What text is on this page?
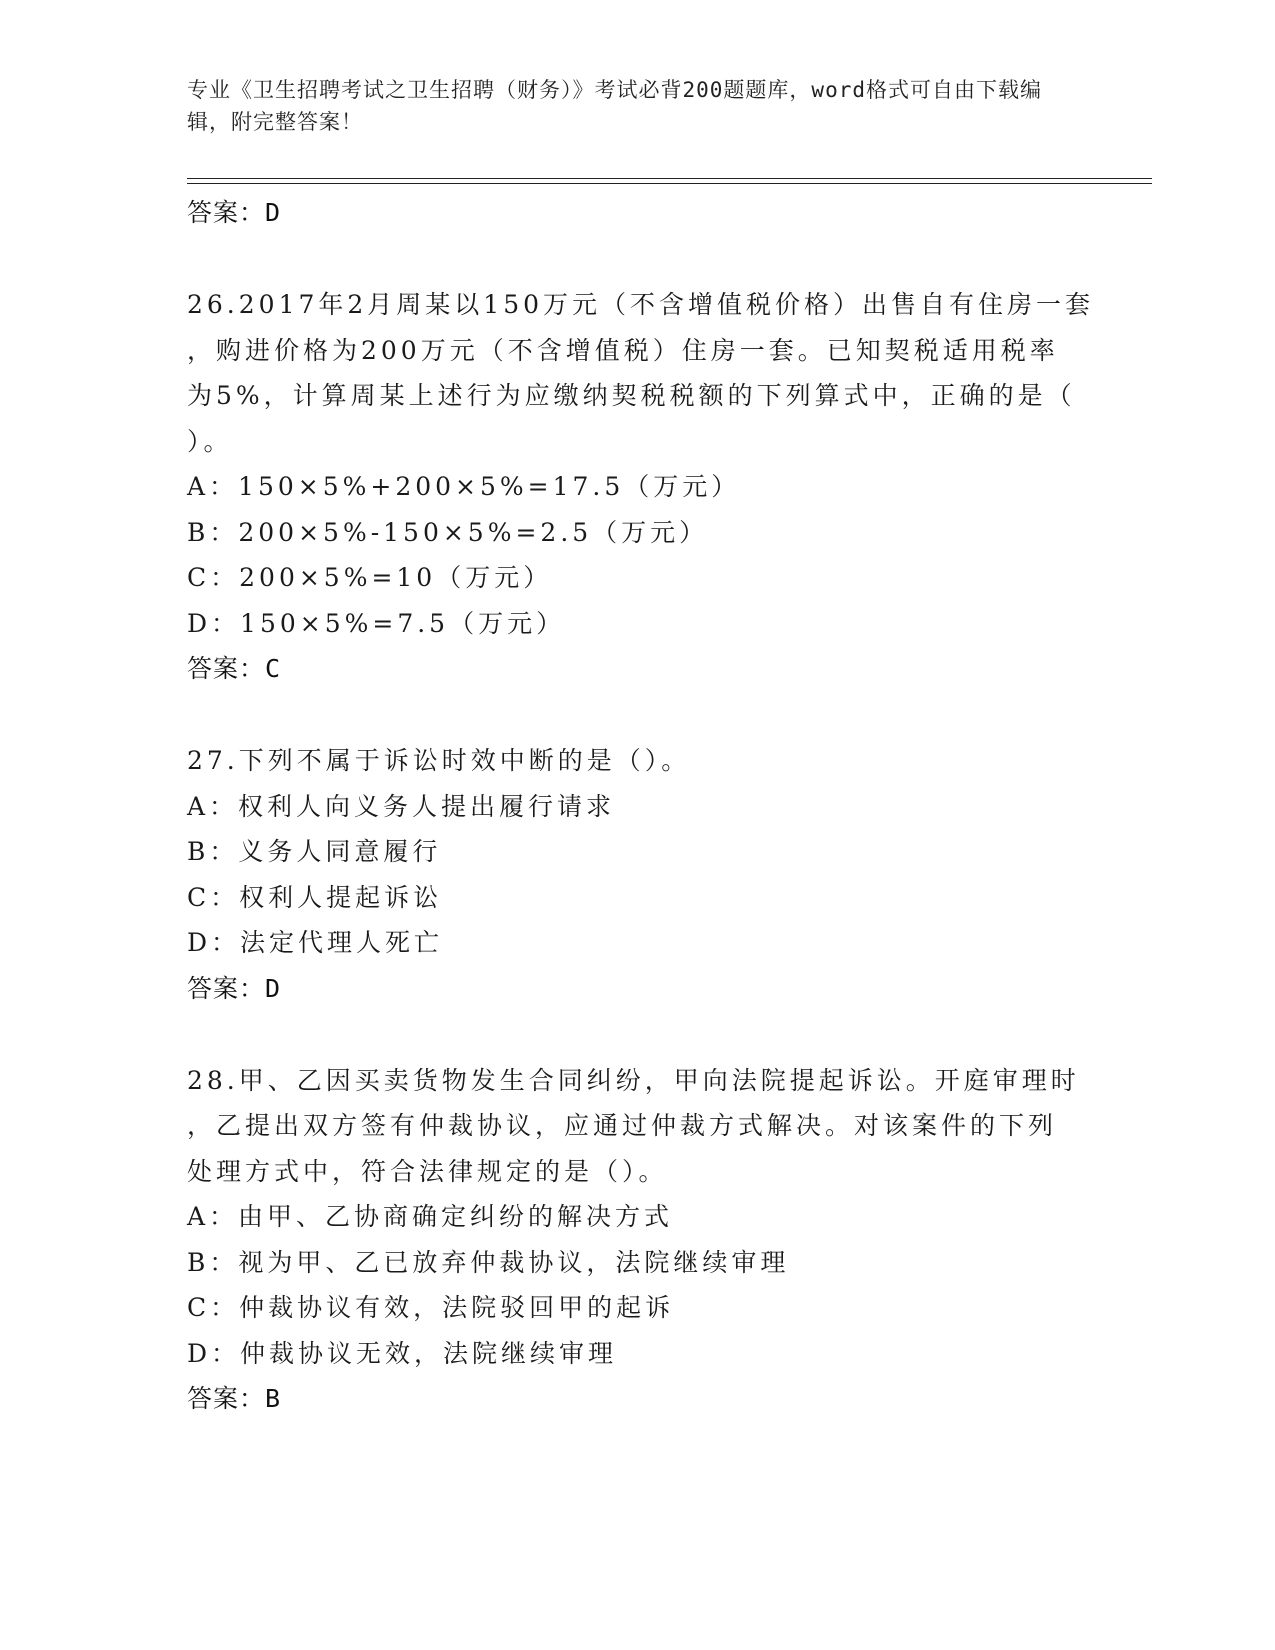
专业《卫生招聘考试之卫生招聘（财务）》考试必背200题题库，word格式可自由下载编辑，附完整答案！
答案：D
26.2017年2月周某以150万元（不含增值税价格）出售自有住房一套
，购进价格为200万元（不含增值税）住房一套。已知契税适用税率
为5%，计算周某上述行为应缴纳契税税额的下列算式中，正确的是（
）。
A：150×5%+200×5%=17.5（万元）
B：200×5%-150×5%=2.5（万元）
C：200×5%=10（万元）
D：150×5%=7.5（万元）
答案：C
27.下列不属于诉讼时效中断的是（）。
A：权利人向义务人提出履行请求
B：义务人同意履行
C：权利人提起诉讼
D：法定代理人死亡
答案：D
28.甲、乙因买卖货物发生合同纠纷，甲向法院提起诉讼。开庭审理时
，乙提出双方签有仲裁协议，应通过仲裁方式解决。对该案件的下列
处理方式中，符合法律规定的是（）。
A：由甲、乙协商确定纠纷的解决方式
B：视为甲、乙已放弃仲裁协议，法院继续审理
C：仲裁协议有效，法院驳回甲的起诉
D：仲裁协议无效，法院继续审理
答案：B
